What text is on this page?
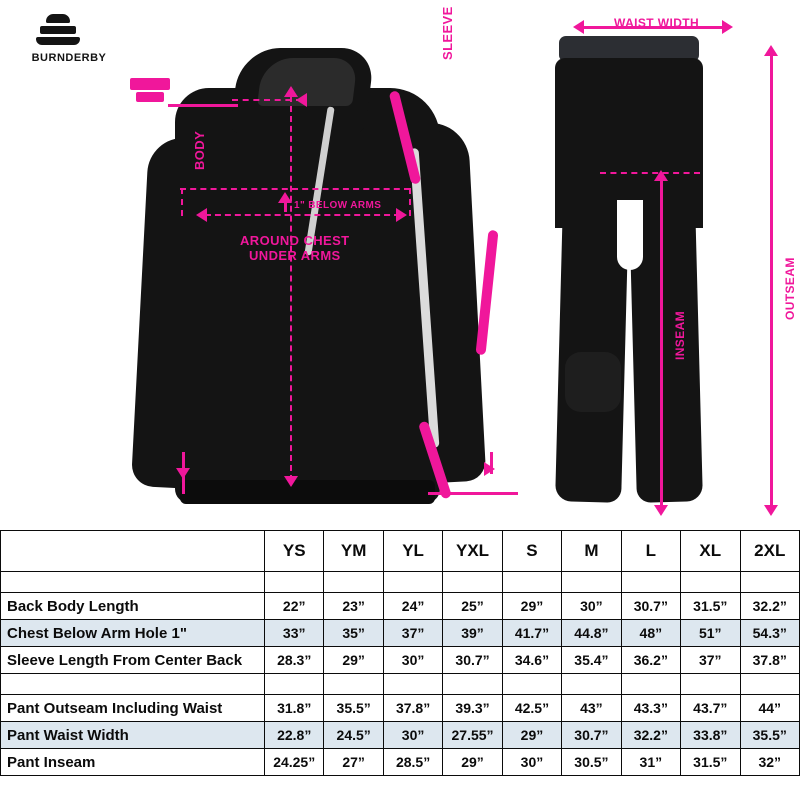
BURNDERBY
BODY
1" BELOW ARMS
AROUND CHEST
UNDER ARMS
SLEEVE	WAIST WIDTH
OUTSEAM
INSEAM
	YS	YM	YL	YXL	S	M	L	XL	2XL

Back Body Length	22”	23”	24”	25”	29”	30”	30.7”	31.5”	32.2”
Chest Below Arm Hole 1"	33”	35”	37”	39”	41.7”	44.8”	48”	51”	54.3”
Sleeve Length From Center Back	28.3”	29”	30”	30.7”	34.6”	35.4”	36.2”	37”	37.8”

Pant Outseam Including Waist	31.8”	35.5”	37.8”	39.3”	42.5”	43”	43.3”	43.7”	44”
Pant Waist Width	22.8”	24.5”	30”	27.55”	29”	30.7”	32.2”	33.8”	35.5”
Pant Inseam	24.25”	27”	28.5”	29”	30”	30.5”	31”	31.5”	32”
